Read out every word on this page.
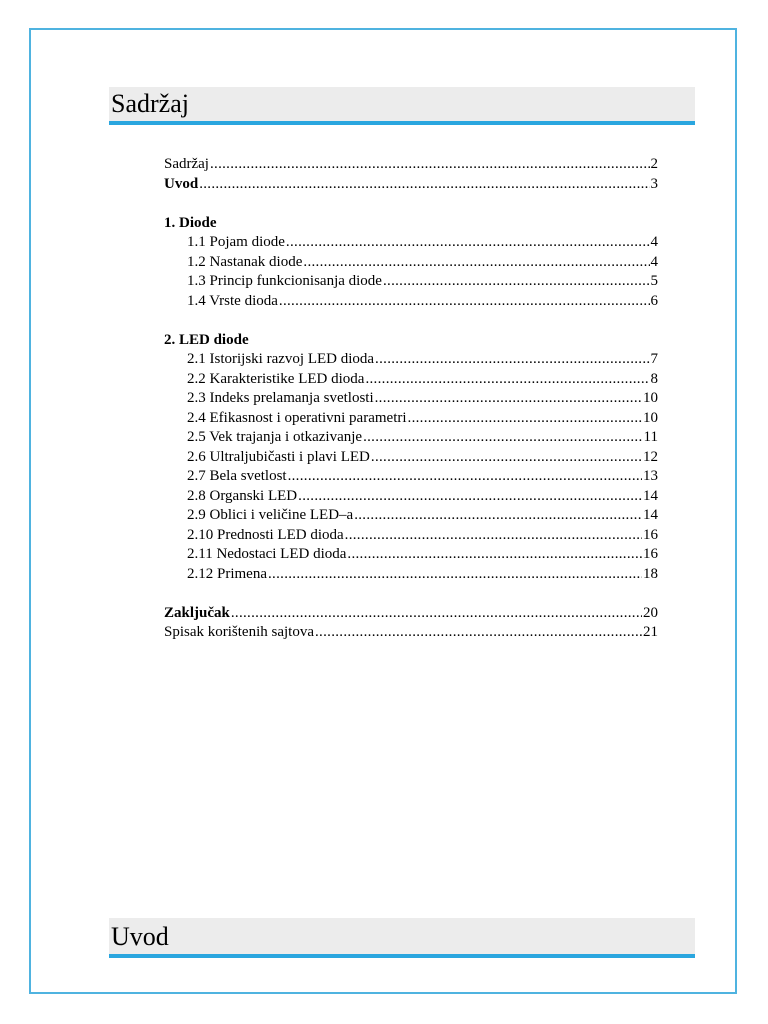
Sadržaj
Sadržaj .....	2
Uvod .....	3
1. Diode
1.1 Pojam diode .....	4
1.2 Nastanak diode .....	4
1.3 Princip funkcionisanja diode .....	5
1.4 Vrste dioda .....	6
2. LED diode
2.1 Istorijski razvoj LED dioda .....	7
2.2 Karakteristike LED dioda .....	8
2.3 Indeks prelamanja svetlosti .....	10
2.4 Efikasnost i operativni parametri .....	10
2.5 Vek trajanja i otkazivanje .....	11
2.6 Ultraljubičasti i plavi LED .....	12
2.7 Bela svetlost .....	13
2.8 Organski LED .....	14
2.9 Oblici i veličine LED–a .....	14
2.10 Prednosti LED dioda .....	16
2.11 Nedostaci LED dioda .....	16
2.12 Primena .....	18
Zaključak .....	20
Spisak korištenih sajtova .....	21
Uvod
